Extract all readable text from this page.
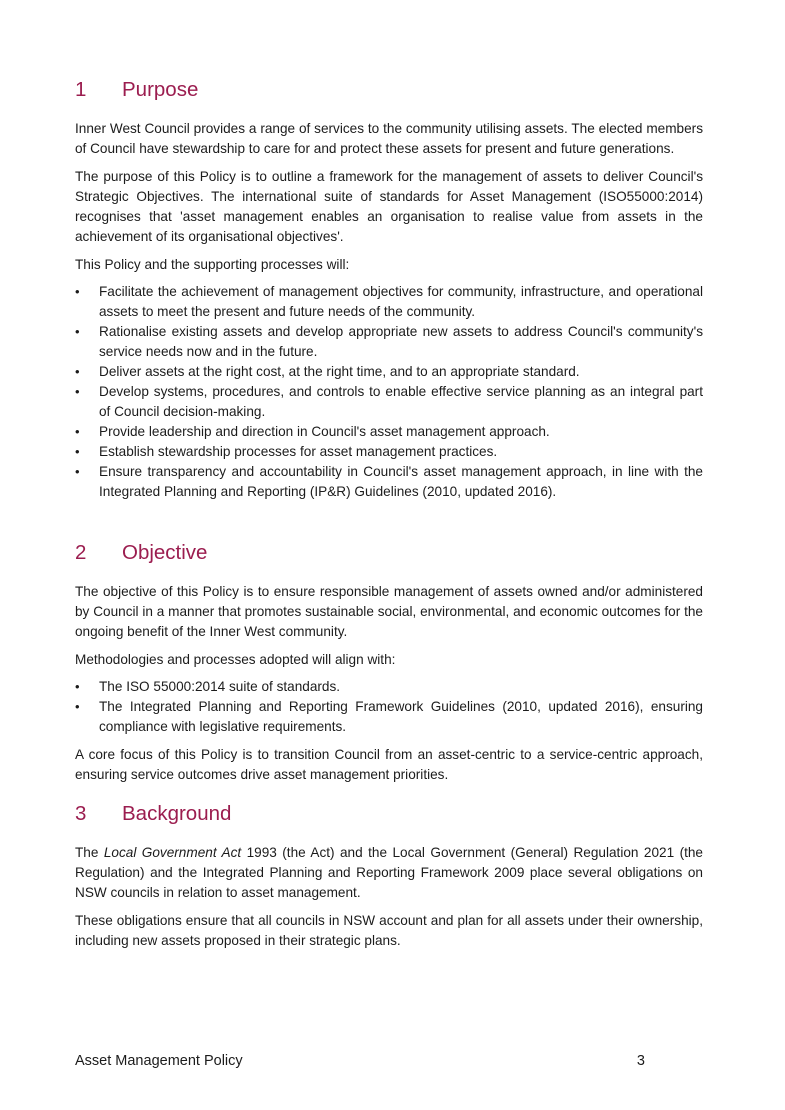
1	Purpose

Inner West Council provides a range of services to the community utilising assets. The elected members of Council have stewardship to care for and protect these assets for present and future generations.

The purpose of this Policy is to outline a framework for the management of assets to deliver Council's Strategic Objectives. The international suite of standards for Asset Management (ISO55000:2014) recognises that 'asset management enables an organisation to realise value from assets in the achievement of its organisational objectives'.

This Policy and the supporting processes will:

• Facilitate the achievement of management objectives for community, infrastructure, and operational assets to meet the present and future needs of the community.
• Rationalise existing assets and develop appropriate new assets to address Council's community's service needs now and in the future.
• Deliver assets at the right cost, at the right time, and to an appropriate standard.
• Develop systems, procedures, and controls to enable effective service planning as an integral part of Council decision-making.
• Provide leadership and direction in Council's asset management approach.
• Establish stewardship processes for asset management practices.
• Ensure transparency and accountability in Council's asset management approach, in line with the Integrated Planning and Reporting (IP&R) Guidelines (2010, updated 2016).
2	Objective

The objective of this Policy is to ensure responsible management of assets owned and/or administered by Council in a manner that promotes sustainable social, environmental, and economic outcomes for the ongoing benefit of the Inner West community.

Methodologies and processes adopted will align with:

• The ISO 55000:2014 suite of standards.
• The Integrated Planning and Reporting Framework Guidelines (2010, updated 2016), ensuring compliance with legislative requirements.

A core focus of this Policy is to transition Council from an asset-centric to a service-centric approach, ensuring service outcomes drive asset management priorities.

3	Background

The Local Government Act 1993 (the Act) and the Local Government (General) Regulation 2021 (the Regulation) and the Integrated Planning and Reporting Framework 2009 place several obligations on NSW councils in relation to asset management.

These obligations ensure that all councils in NSW account and plan for all assets under their ownership, including new assets proposed in their strategic plans.

Asset Management Policy	3
